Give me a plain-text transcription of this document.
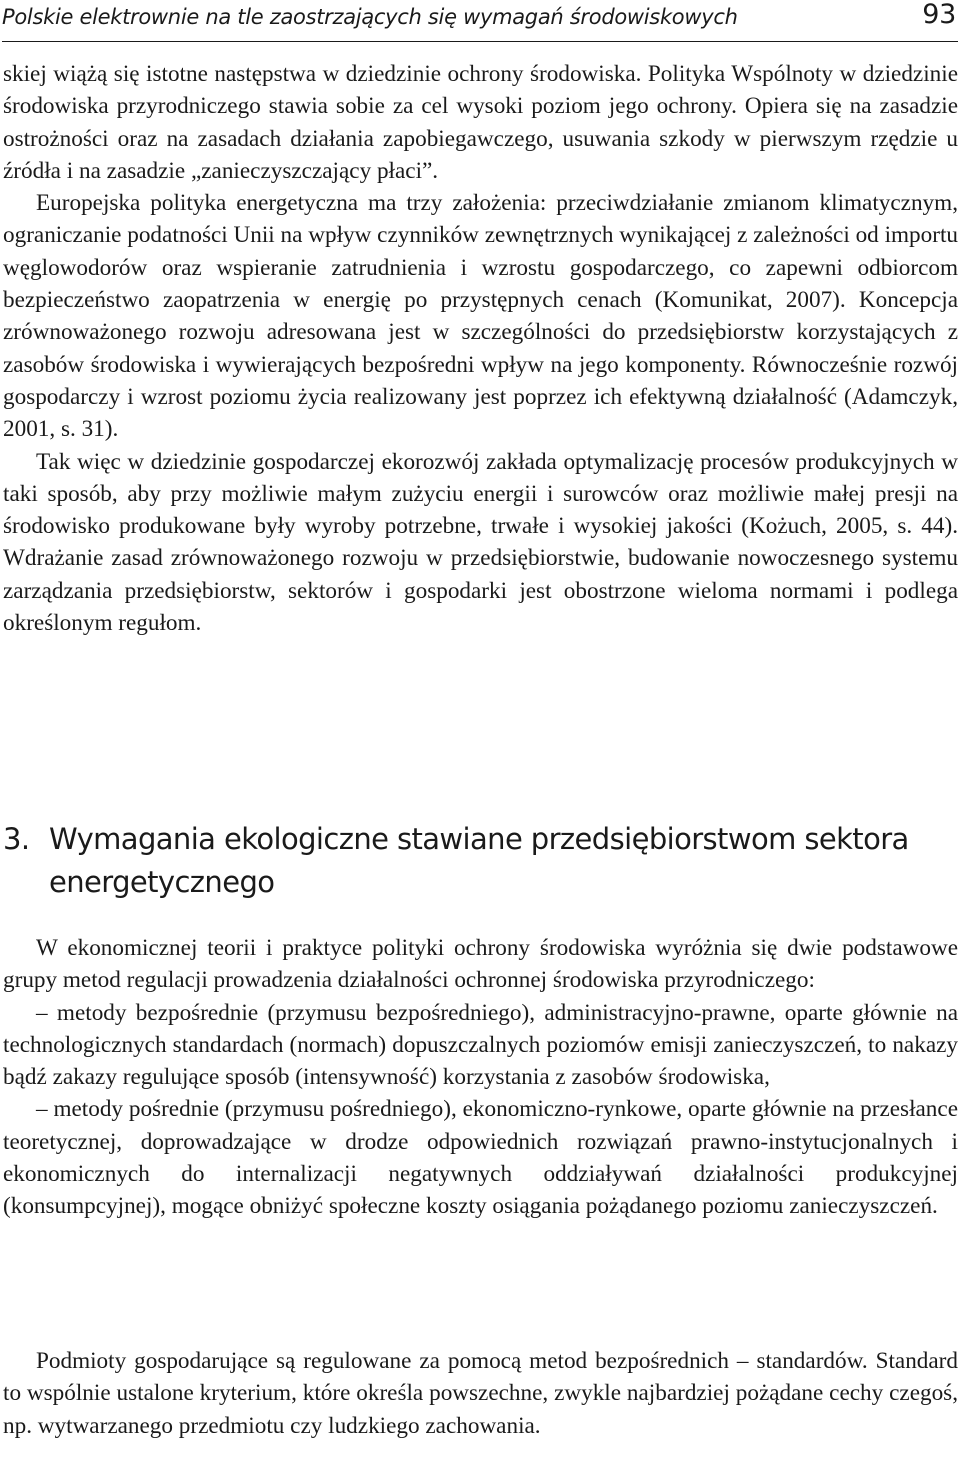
Polskie elektrownie na tle zaostrzających się wymagań środowiskowych	93

skiej wiążą się istotne następstwa w dziedzinie ochrony środowiska. Polityka Wspólnoty w dziedzinie środowiska przyrodniczego stawia sobie za cel wysoki poziom jego ochrony. Opiera się na zasadzie ostrożności oraz na zasadach działania zapobiegawczego, usuwania szkody w pierwszym rzędzie u źródła i na zasadzie „zanieczyszczający płaci”.

Europejska polityka energetyczna ma trzy założenia: przeciwdziałanie zmianom klimatycznym, ograniczanie podatności Unii na wpływ czynników zewnętrznych wynikającej z zależności od importu węglowodorów oraz wspieranie zatrudnienia i wzrostu gospodarczego, co zapewni odbiorcom bezpieczeństwo zaopatrzenia w energię po przystępnych cenach (Komunikat, 2007). Koncepcja zrównoważonego rozwoju adresowana jest w szczególności do przedsiębiorstw korzystających z zasobów środowiska i wywierających bezpośredni wpływ na jego komponenty. Równocześnie rozwój gospodarczy i wzrost poziomu życia realizowany jest poprzez ich efektywną działalność (Adamczyk, 2001, s. 31).

Tak więc w dziedzinie gospodarczej ekorozwój zakłada optymalizację procesów produkcyjnych w taki sposób, aby przy możliwie małym zużyciu energii i surowców oraz możliwie małej presji na środowisko produkowane były wyroby potrzebne, trwałe i wysokiej jakości (Kożuch, 2005, s. 44). Wdrażanie zasad zrównoważonego rozwoju w przedsiębiorstwie, budowanie nowoczesnego systemu zarządzania przedsiębiorstw, sektorów i gospodarki jest obostrzone wieloma normami i podlega określonym regułom.

3. Wymagania ekologiczne stawiane przedsiębiorstwom sektora
energetycznego

W ekonomicznej teorii i praktyce polityki ochrony środowiska wyróżnia się dwie podstawowe grupy metod regulacji prowadzenia działalności ochronnej środowiska przyrodniczego:

– metody bezpośrednie (przymusu bezpośredniego), administracyjno-prawne, oparte głównie na technologicznych standardach (normach) dopuszczalnych poziomów emisji zanieczyszczeń, to nakazy bądź zakazy regulujące sposób (intensywność) korzystania z zasobów środowiska,

– metody pośrednie (przymusu pośredniego), ekonomiczno-rynkowe, oparte głównie na przesłance teoretycznej, doprowadzające w drodze odpowiednich rozwiązań prawno-instytucjonalnych i ekonomicznych do internalizacji negatywnych oddziaływań działalności produkcyjnej (konsumpcyjnej), mogące obniżyć społeczne koszty osiągania pożądanego poziomu zanieczyszczeń.

Podmioty gospodarujące są regulowane za pomocą metod bezpośrednich – standardów. Standard to wspólnie ustalone kryterium, które określa powszechne, zwykle najbardziej pożądane cechy czegoś, np. wytwarzanego przedmiotu czy ludzkiego zachowania.
